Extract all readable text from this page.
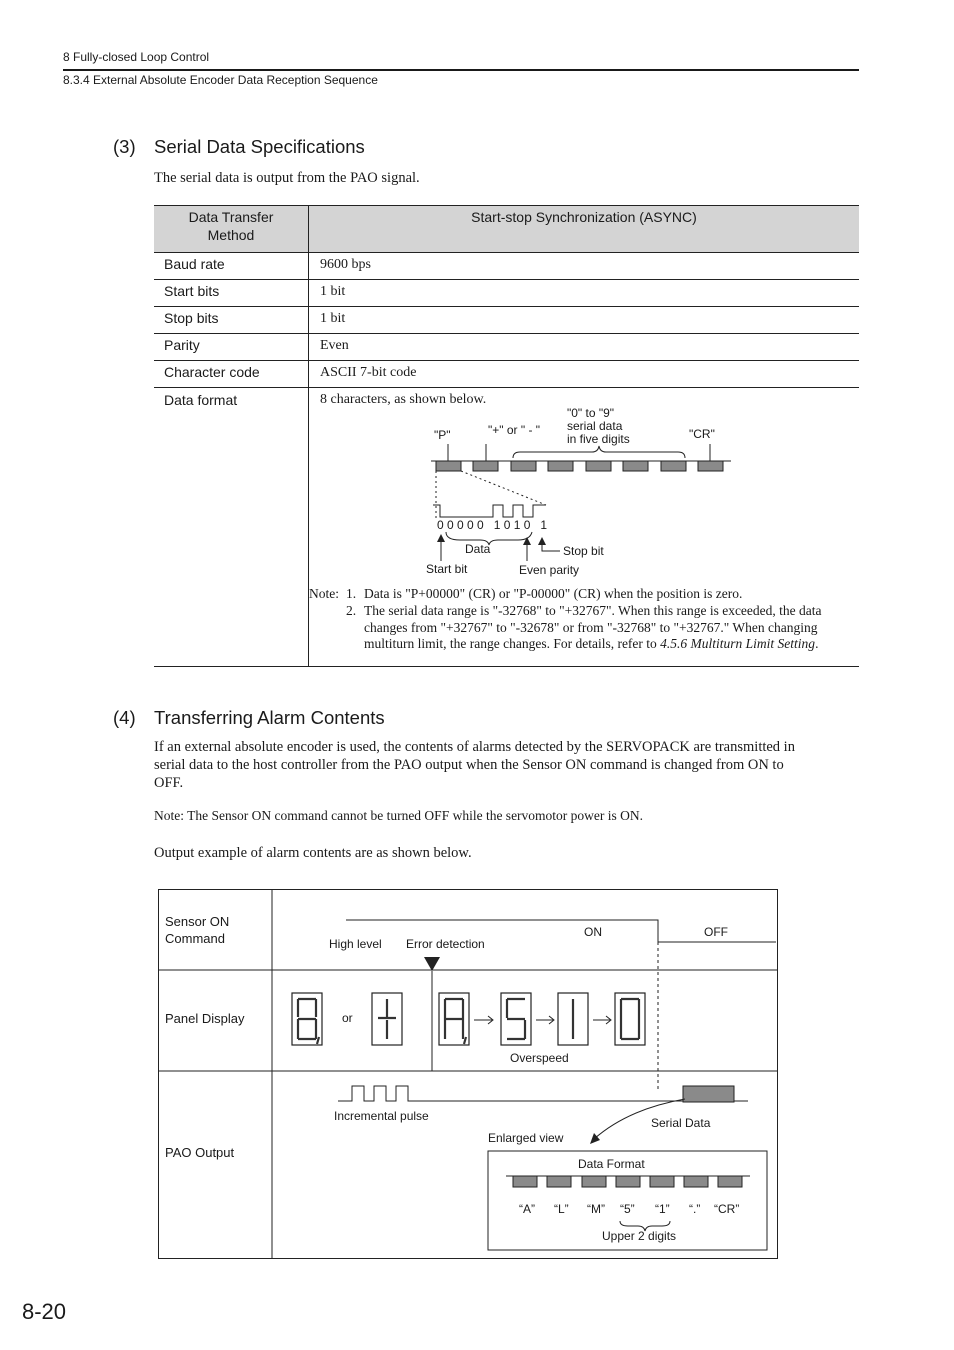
8 Fully-closed Loop Control
8.3.4 External Absolute Encoder Data Reception Sequence
(3) Serial Data Specifications
The serial data is output from the PAO signal.
Data Transfer
Method	Start-stop Synchronization (ASYNC)
Baud rate	9600 bps
Start bits	1 bit
Stop bits	1 bit
Parity	Even
Character code	ASCII 7-bit code
Data format	8 characters, as shown below.
"P"	"+" or " - "
"0" to "9"
serial data
in five digits	"CR"
0 0 0 0 0   1 0 1 0   1
Data	Stop bit
Start bit	Even parity
Note: 1. Data is "P+00000" (CR) or "P-00000" (CR) when the position is zero.
2. The serial data range is "-32768" to "+32767". When this range is exceeded, the data
changes from "+32767" to "-32678" or from "-32768" to "+32767." When changing
multiturn limit, the range changes. For details, refer to 4.5.6 Multiturn Limit Setting.
(4) Transferring Alarm Contents
If an external absolute encoder is used, the contents of alarms detected by the SERVOPACK are transmitted in
serial data to the host controller from the PAO output when the Sensor ON command is changed from ON to
OFF.
Note: The Sensor ON command cannot be turned OFF while the servomotor power is ON.
Output example of alarm contents are as shown below.
Sensor ON
Command
Panel Display
PAO Output
High level Error detection
ON	OFF
or
Overspeed
Incremental pulse	Serial Data
Enlarged view
Data Format
“A” “L” “M” “5” “1” “.” “CR”
Upper 2 digits
8-20
